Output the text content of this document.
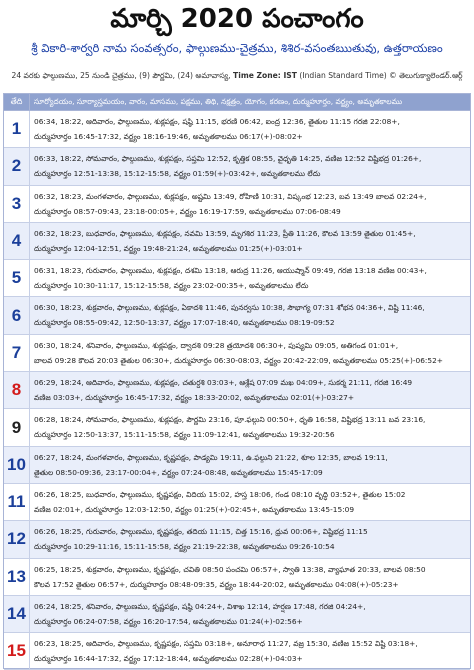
మార్చి 2020 పంచాంగం
శ్రీ వికారి-శార్వరి నామ సంవత్సరం, ఫాల్గుణము-చైత్రము, శిశిర-వసంతఋతువు, ఉత్తరాయణం
24 వరకు ఫాల్గుణము, 25 నుండి చైత్రము, (9) పౌర్ణమి, (24) అమావాస్య, Time Zone: IST (Indian Standard Time) © తెలుగుక్యాలెండర్.ఆర్గ్
తేది	సూర్యోదయం, సూర్యాస్తమయం, వారం, మాసము, పక్షము, తిథి, నక్షత్రం, యోగం, కరణం, దుర్ముహూర్తం, వర్జ్యం, అమృతకాలము
1	06:34, 18:22, ఆదివారం, ఫాల్గుణము, శుక్లపక్షం, షష్ఠి 11:15, భరణి 06:42, ఐంద్ర 12:36, తైతుల 11:15 గరజి 22:08+,
దుర్ముహూర్తం 16:45-17:32, వర్జ్యం 18:16-19:46, అమృతకాలము 06:17(+)-08:02+
2	06:33, 18:22, సోమవారం, ఫాల్గుణము, శుక్లపక్షం, సప్తమి 12:52, కృత్తిక 08:55, వైధృతి 14:25, వణిజ 12:52 విష్టిభద్ర 01:26+,
దుర్ముహూర్తం 12:51-13:38, 15:12-15:58, వర్జ్యం 01:59(+)-03:42+, అమృతకాలము లేదు
3	06:32, 18:23, మంగళవారం, ఫాల్గుణము, శుక్లపక్షం, అష్టమి 13:49, రోహిణి 10:31, విష్కంభ 12:23, బవ 13:49 బాలవ 02:24+,
దుర్ముహూర్తం 08:57-09:43, 23:18-00:05+, వర్జ్యం 16:19-17:59, అమృతకాలము 07:06-08:49
4	06:32, 18:23, బుధవారం, ఫాల్గుణము, శుక్లపక్షం, నవమి 13:59, మృగశిర 11:23, ప్రీతి 11:26, కౌలవ 13:59 తైతుల 01:45+,
దుర్ముహూర్తం 12:04-12:51, వర్జ్యం 19:48-21:24, అమృతకాలము 01:25(+)-03:01+
5	06:31, 18:23, గురువారం, ఫాల్గుణము, శుక్లపక్షం, దశమి 13:18, ఆరుద్ర 11:26, ఆయుష్మాన్ 09:49, గరజి 13:18 వణిజ 00:43+,
దుర్ముహూర్తం 10:30-11:17, 15:12-15:58, వర్జ్యం 23:02-00:35+, అమృతకాలము లేదు
6	06:30, 18:23, శుక్రవారం, ఫాల్గుణము, శుక్లపక్షం, ఏకాదశి 11:46, పునర్వసు 10:38, సౌభాగ్య 07:31 శోభన 04:36+, విష్టి 11:46,
దుర్ముహూర్తం 08:55-09:42, 12:50-13:37, వర్జ్యం 17:07-18:40, అమృతకాలము 08:19-09:52
7	06:30, 18:24, శనివారం, ఫాల్గుణము, శుక్లపక్షం, ద్వాదశి 09:28 త్రయోదశి 06:30+, పుష్యమి 09:05, అతిగండ 01:01+,
బాలవ 09:28 కౌలవ 20:03 తైతుల 06:30+, దుర్ముహూర్తం 06:30-08:03, వర్జ్యం 20:42-22:09, అమృతకాలము 05:25(+)-06:52+
8	06:29, 18:24, ఆదివారం, ఫాల్గుణము, శుక్లపక్షం, చతుర్దశి 03:03+, ఆశ్లేష 07:09 మఖ 04:09+, సుకర్మ 21:11, గరజి 16:49
వణిజ 03:03+, దుర్ముహూర్తం 16:45-17:32, వర్జ్యం 18:33-20:02, అమృతకాలము 02:01(+)-03:27+
9	06:28, 18:24, సోమవారం, ఫాల్గుణము, శుక్లపక్షం, పౌర్ణమి 23:16, పూ.ఫల్గుని 00:50+, ధృతి 16:58, విష్టిభద్ర 13:11 బవ 23:16,
దుర్ముహూర్తం 12:50-13:37, 15:11-15:58, వర్జ్యం 11:09-12:41, అమృతకాలము 19:32-20:56
10	06:27, 18:24, మంగళవారం, ఫాల్గుణము, కృష్ణపక్షం, పాడ్యమి 19:11, ఉ.ఫల్గుని 21:22, శూల 12:35, బాలవ 19:11,
తైతుల 08:50-09:36, 23:17-00:04+, వర్జ్యం 07:24-08:48, అమృతకాలము 15:45-17:09
11	06:26, 18:25, బుధవారం, ఫాల్గుణము, కృష్ణపక్షం, విదియ 15:02, హస్త 18:06, గండ 08:10 వృద్ధి 03:52+, తైతుల 15:02
వణిజ 02:01+, దుర్ముహూర్తం 12:03-12:50, వర్జ్యం 01:25(+)-02:45+, అమృతకాలము 13:45-15:09
12	06:26, 18:25, గురువారం, ఫాల్గుణము, కృష్ణపక్షం, తదియ 11:15, చిత్త 15:16, ధ్రువ 00:06+, విష్టిభద్ర 11:15
దుర్ముహూర్తం 10:29-11:16, 15:11-15:58, వర్జ్యం 21:19-22:38, అమృతకాలము 09:26-10:54
13	06:25, 18:25, శుక్రవారం, ఫాల్గుణము, కృష్ణపక్షం, చవితి 08:50 పంచమి 06:57+, స్వాతి 13:38, వ్యాఘాత 20:33, బాలవ 08:50
కౌలవ 17:52 తైతుల 06:57+, దుర్ముహూర్తం 08:48-09:35, వర్జ్యం 18:44-20:02, అమృతకాలము 04:08(+)-05:23+
14	06:24, 18:25, శనివారం, ఫాల్గుణము, కృష్ణపక్షం, షష్ఠి 04:24+, విశాఖ 12:14, హర్షణ 17:48, గరజి 04:24+,
దుర్ముహూర్తం 06:24-07:58, వర్జ్యం 16:20-17:54, అమృతకాలము 01:24(+)-02:56+
15	06:23, 18:25, ఆదివారం, ఫాల్గుణము, కృష్ణపక్షం, సప్తమి 03:18+, అనూరాధ 11:27, వజ్ర 15:30, వణిజ 15:52 విష్టి 03:18+,
దుర్ముహూర్తం 16:44-17:32, వర్జ్యం 17:12-18:44, అమృతకాలము 02:28(+)-04:03+
